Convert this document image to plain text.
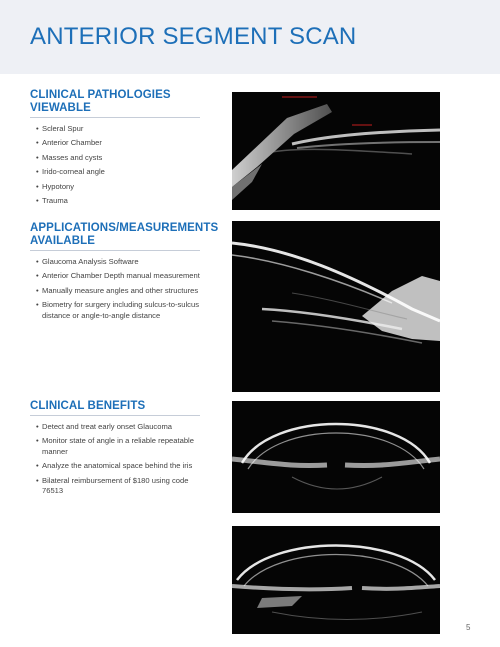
ANTERIOR SEGMENT SCAN
CLINICAL PATHOLOGIES VIEWABLE
• Scleral Spur
• Anterior Chamber
• Masses and cysts
• Irido-corneal angle
• Hypotony
• Trauma
APPLICATIONS/MEASUREMENTS AVAILABLE
• Glaucoma Analysis Software
• Anterior Chamber Depth manual measurement
• Manually measure angles and other structures
• Biometry for surgery including sulcus-to-sulcus distance or angle-to-angle distance
CLINICAL BENEFITS
• Detect and treat early onset Glaucoma
• Monitor state of angle in a reliable repeatable manner
• Analyze the anatomical space behind the iris
• Bilateral reimbursement of $180 using code 76513
5
